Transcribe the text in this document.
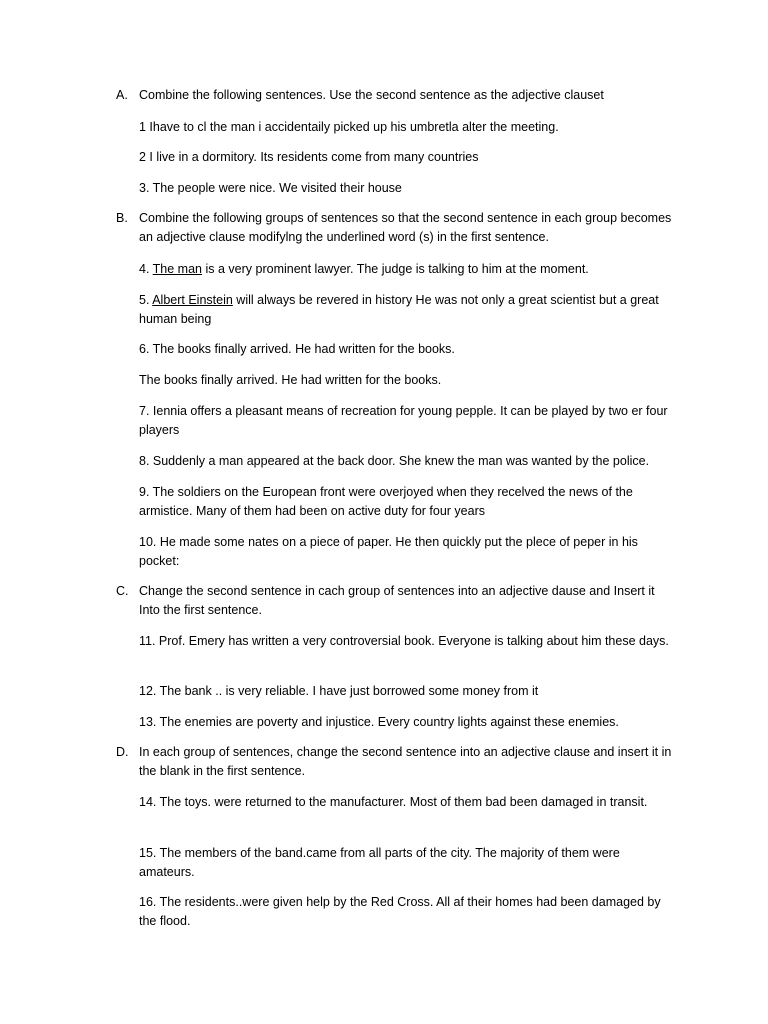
A. Combine the following sentences. Use the second sentence as the adjective clauset
1 Ihave to cl the man i accidentaily picked up his umbretla alter the meeting.
2 I live in a dormitory. Its residents come from many countries
3. The people were nice. We visited their house
B. Combine the following groups of sentences so that the second sentence in each group becomes an adjective clause modifylng the underlined word (s) in the first sentence.
4. The man is a very prominent lawyer. The judge is talking to him at the moment.
5. Albert Einstein will always be revered in history He was not only a great scientist but a great human being
6. The books finally arrived. He had written for the books.
The books finally arrived. He had written for the books.
7. Iennia offers a pleasant means of recreation for young pepple. It can be played by two er four players
8. Suddenly a man appeared at the back door. She knew the man was wanted by the police.
9. The soldiers on the European front were overjoyed when they recelved the news of the armistice. Many of them had been on active duty for four years
10. He made some nates on a piece of paper. He then quickly put the plece of peper in his pocket:
C. Change the second sentence in cach group of sentences into an adjective dause and Insert it Into the first sentence.
11. Prof. Emery has written a very controversial book. Everyone is talking about him these days.
12. The bank .. is very reliable. I have just borrowed some money from it
13. The enemies are poverty and injustice. Every country lights against these enemies.
D. In each group of sentences, change the second sentence into an adjective clause and insert it in the blank in the first sentence.
14. The toys. were returned to the manufacturer. Most of them bad been damaged in transit.
15. The members of the band.came from all parts of the city. The majority of them were amateurs.
16. The residents..were given help by the Red Cross. All af their homes had been damaged by the flood.
